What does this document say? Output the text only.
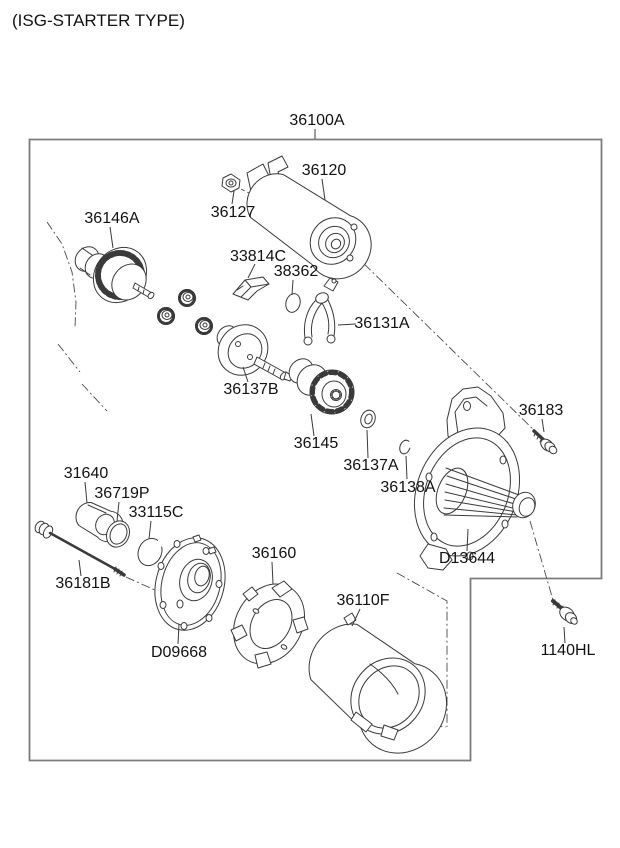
(ISG-STARTER TYPE)
36100A
36120
36127
36146A
33814C
38362
36131A
36137B
36145
36137A
36138A
36183
D13644
31640
36719P
33115C
36181B
D09668
36160
36110F
1140HL
